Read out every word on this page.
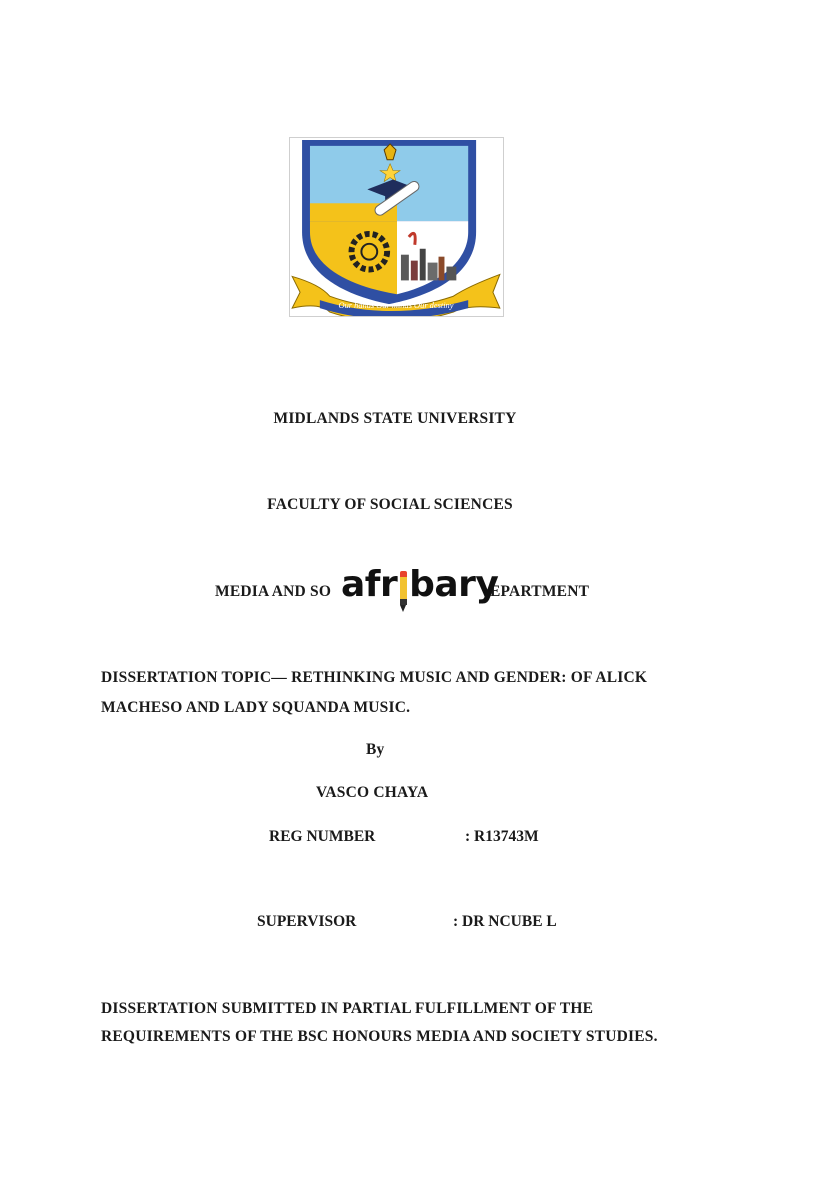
Our hands Our minds Our destiny
MIDLANDS STATE UNIVERSITY
FACULTY OF SOCIAL SCIENCES
MEDIA AND SO	EPARTMENT
afr bary
DISSERTATION TOPIC— RETHINKING MUSIC AND GENDER: OF ALICK
MACHESO AND LADY SQUANDA MUSIC.
By
VASCO CHAYA
REG NUMBER	: R13743M
SUPERVISOR	: DR NCUBE L
DISSERTATION SUBMITTED IN PARTIAL FULFILLMENT OF THE
REQUIREMENTS OF THE BSC HONOURS MEDIA AND SOCIETY STUDIES.
